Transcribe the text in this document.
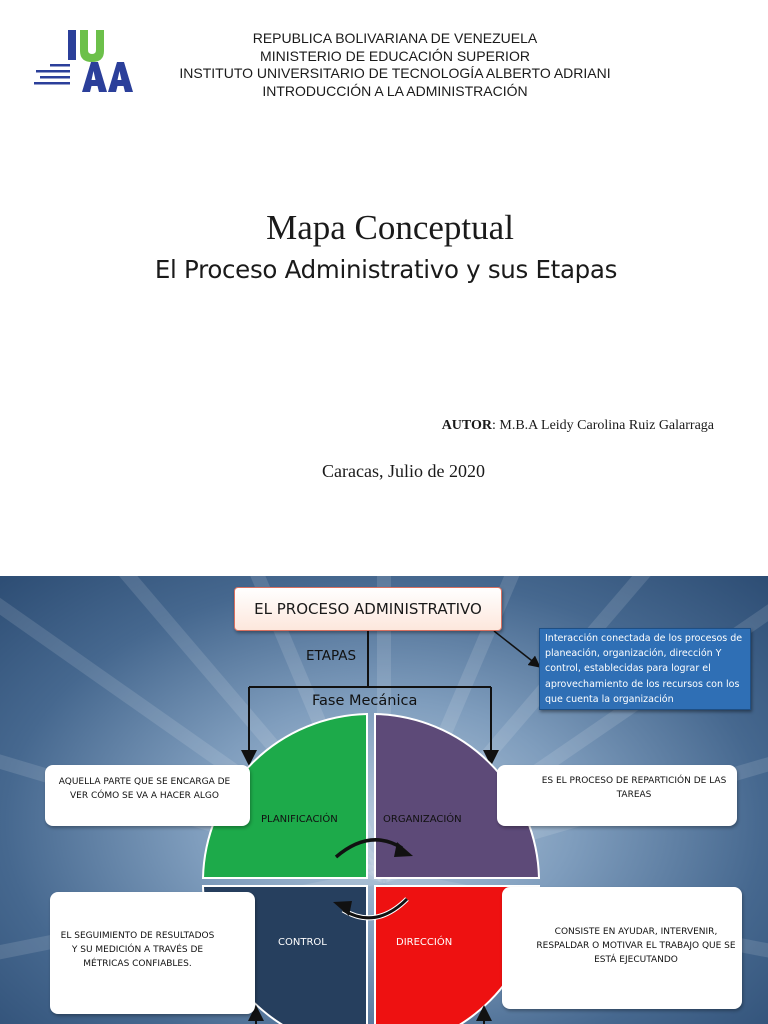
REPUBLICA BOLIVARIANA DE VENEZUELA
MINISTERIO DE EDUCACIÓN SUPERIOR
INSTITUTO UNIVERSITARIO DE TECNOLOGÍA ALBERTO ADRIANI
INTRODUCCIÓN A LA ADMINISTRACIÓN
Mapa Conceptual
El Proceso Administrativo y sus Etapas
AUTOR: M.B.A Leidy Carolina Ruiz Galarraga
Caracas, Julio de 2020
EL PROCESO ADMINISTRATIVO
ETAPAS
Fase Mecánica
Interacción conectada de los procesos de planeación, organización, dirección Y control, establecidas para lograr el aprovechamiento de los recursos con los que cuenta la organización
AQUELLA PARTE QUE SE ENCARGA DE VER CÓMO SE VA A HACER ALGO
ES EL PROCESO DE REPARTICIÓN DE LAS TAREAS
EL SEGUIMIENTO DE RESULTADOS Y SU MEDICIÓN A TRAVÉS DE MÉTRICAS CONFIABLES.
CONSISTE EN AYUDAR, INTERVENIR, RESPALDAR O MOTIVAR EL TRABAJO QUE SE ESTÁ EJECUTANDO
PLANIFICACIÓN	ORGANIZACIÓN
CONTROL	DIRECCIÓN
